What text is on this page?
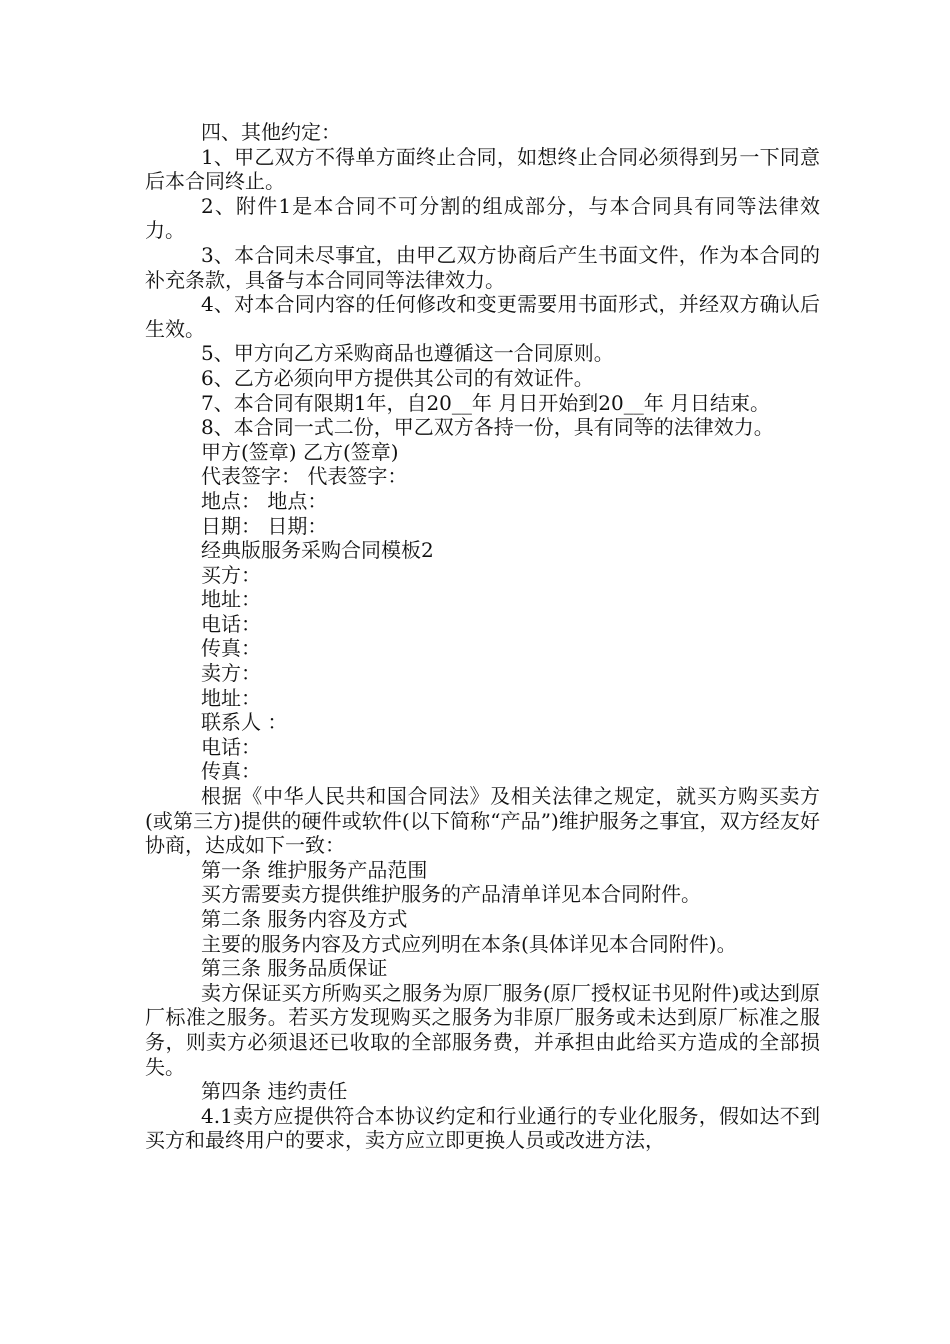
四、其他约定：

1、甲乙双方不得单方面终止合同，如想终止合同必须得到另一下同意后本合同终止。

2、附件1是本合同不可分割的组成部分，与本合同具有同等法律效力。

3、本合同未尽事宜，由甲乙双方协商后产生书面文件，作为本合同的补充条款，具备与本合同同等法律效力。

4、对本合同内容的任何修改和变更需要用书面形式，并经双方确认后生效。

5、甲方向乙方采购商品也遵循这一合同原则。

6、乙方必须向甲方提供其公司的有效证件。

7、本合同有限期1年，自20__年 月日开始到20__年 月日结束。

8、本合同一式二份，甲乙双方各持一份，具有同等的法律效力。

甲方(签章) 乙方(签章)

代表签字： 代表签字：

地点： 地点：

日期： 日期：

经典版服务采购合同模板2

买方：

地址：

电话：

传真：

卖方：

地址：

联系人 ：

电话：

传真：

根据《中华人民共和国合同法》及相关法律之规定，就买方购买卖方(或第三方)提供的硬件或软件(以下简称“产品”)维护服务之事宜，双方经友好协商，达成如下一致：

第一条 维护服务产品范围

买方需要卖方提供维护服务的产品清单详见本合同附件。

第二条 服务内容及方式

主要的服务内容及方式应列明在本条(具体详见本合同附件)。

第三条 服务品质保证

卖方保证买方所购买之服务为原厂服务(原厂授权证书见附件)或达到原厂标准之服务。若买方发现购买之服务为非原厂服务或未达到原厂标准之服务，则卖方必须退还已收取的全部服务费，并承担由此给买方造成的全部损失。

第四条 违约责任

4.1卖方应提供符合本协议约定和行业通行的专业化服务，假如达不到买方和最终用户的要求，卖方应立即更换人员或改进方法，
